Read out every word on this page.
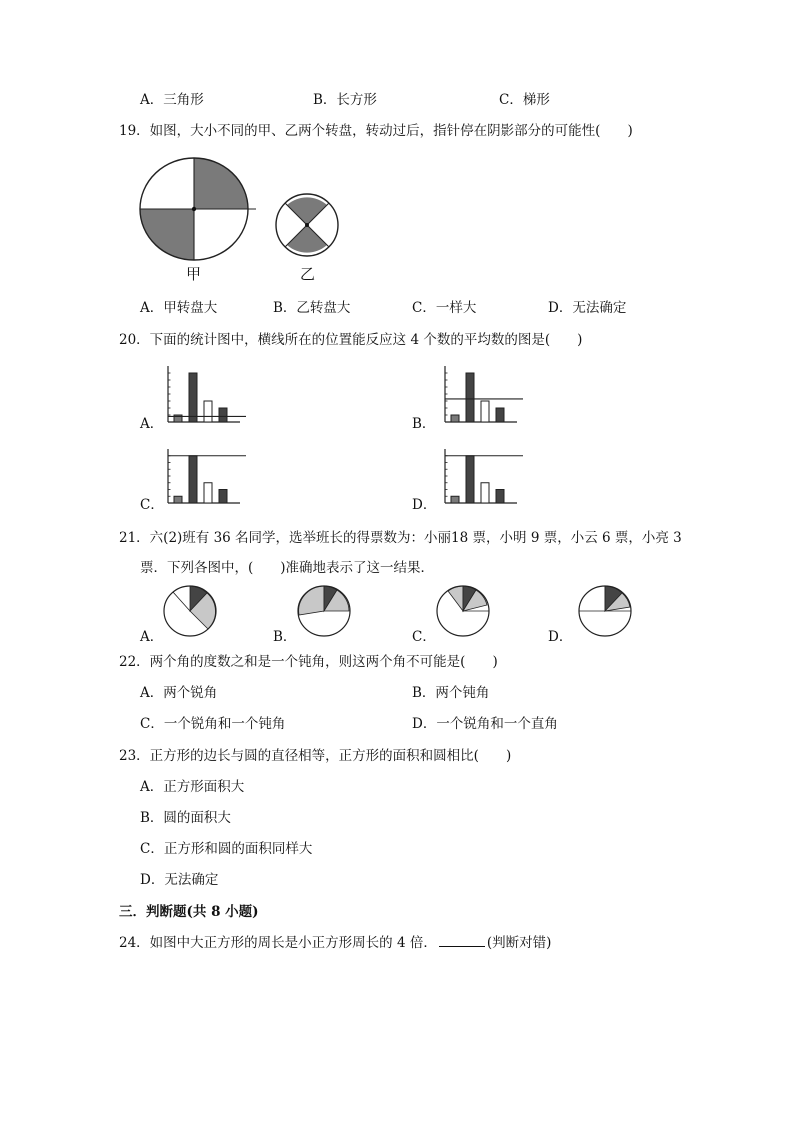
A．三角形	B．长方形	C．梯形
19．如图，大小不同的甲、乙两个转盘，转动过后，指针停在阴影部分的可能性(　　)
甲	乙
A．甲转盘大	B．乙转盘大	C．一样大	D．无法确定
20．下面的统计图中，横线所在的位置能反应这 4 个数的平均数的图是(　　)
A．	B．
C．	D．
21．六(2)班有 36 名同学，选举班长的得票数为：小丽18 票，小明 9 票，小云 6 票，小亮 3
票．下列各图中，(　　)准确地表示了这一结果．
A．	B．	C．	D．
22．两个角的度数之和是一个钝角，则这两个角不可能是(　　)
A．两个锐角	B．两个钝角
C．一个锐角和一个钝角	D．一个锐角和一个直角
23．正方形的边长与圆的直径相等，正方形的面积和圆相比(　　)
A．正方形面积大
B．圆的面积大
C．正方形和圆的面积同样大
D．无法确定
三．判断题(共 8 小题)
24．如图中大正方形的周长是小正方形周长的 4 倍．	(判断对错)
